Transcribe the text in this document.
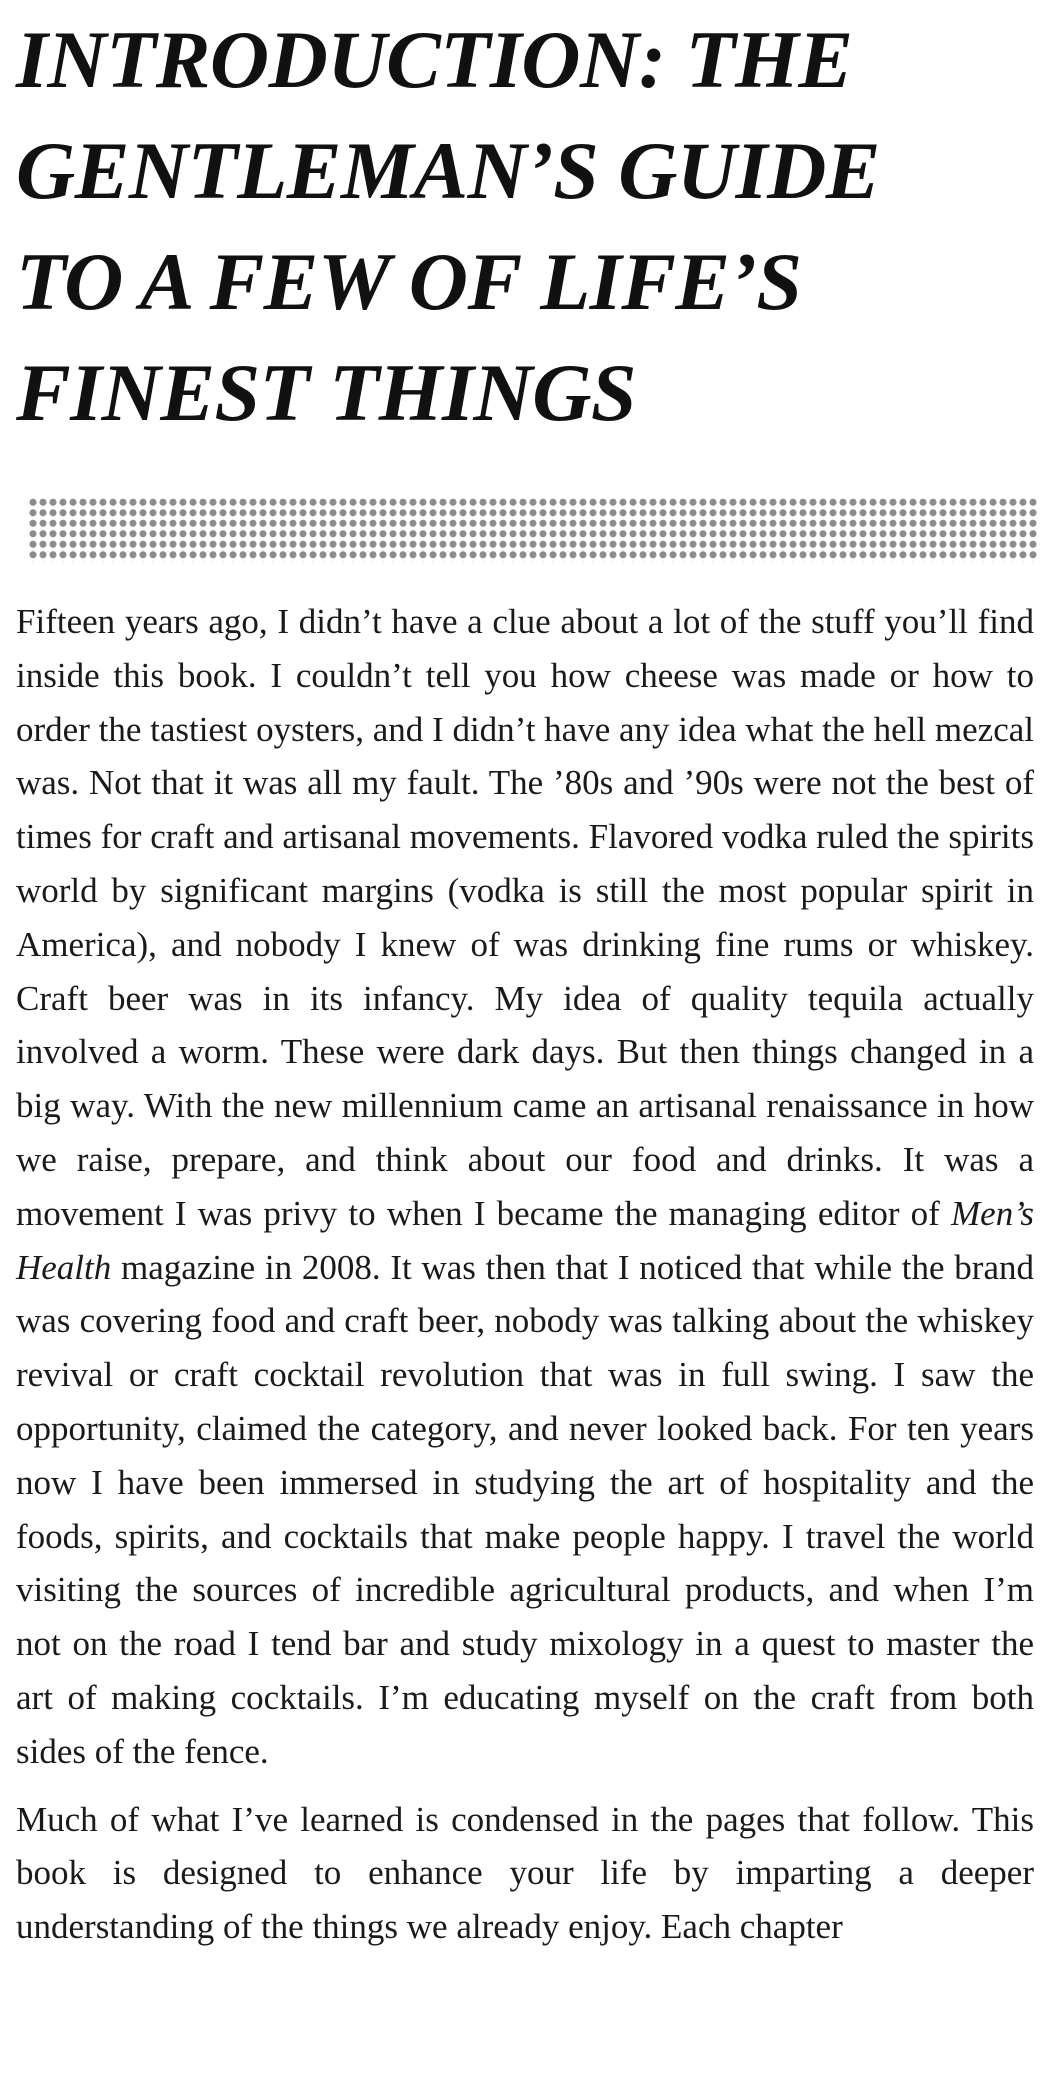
INTRODUCTION: THE
GENTLEMAN’S GUIDE
TO A FEW OF LIFE’S
FINEST THINGS

Fifteen years ago, I didn’t have a clue about a lot of the stuff you’ll find inside this book. I couldn’t tell you how cheese was made or how to order the tastiest oysters, and I didn’t have any idea what the hell mezcal was. Not that it was all my fault. The ’80s and ’90s were not the best of times for craft and artisanal movements. Flavored vodka ruled the spirits world by significant margins (vodka is still the most popular spirit in America), and nobody I knew of was drinking fine rums or whiskey. Craft beer was in its infancy. My idea of quality tequila actually involved a worm. These were dark days. But then things changed in a big way. With the new millennium came an artisanal renaissance in how we raise, prepare, and think about our food and drinks. It was a movement I was privy to when I became the managing editor of Men’s Health magazine in 2008. It was then that I noticed that while the brand was covering food and craft beer, nobody was talking about the whiskey revival or craft cocktail revolution that was in full swing. I saw the opportunity, claimed the category, and never looked back. For ten years now I have been immersed in studying the art of hospitality and the foods, spirits, and cocktails that make people happy. I travel the world visiting the sources of incredible agricultural products, and when I’m not on the road I tend bar and study mixology in a quest to master the art of making cocktails. I’m educating myself on the craft from both sides of the fence.

Much of what I’ve learned is condensed in the pages that follow. This book is designed to enhance your life by imparting a deeper understanding of the things we already enjoy. Each chapter
